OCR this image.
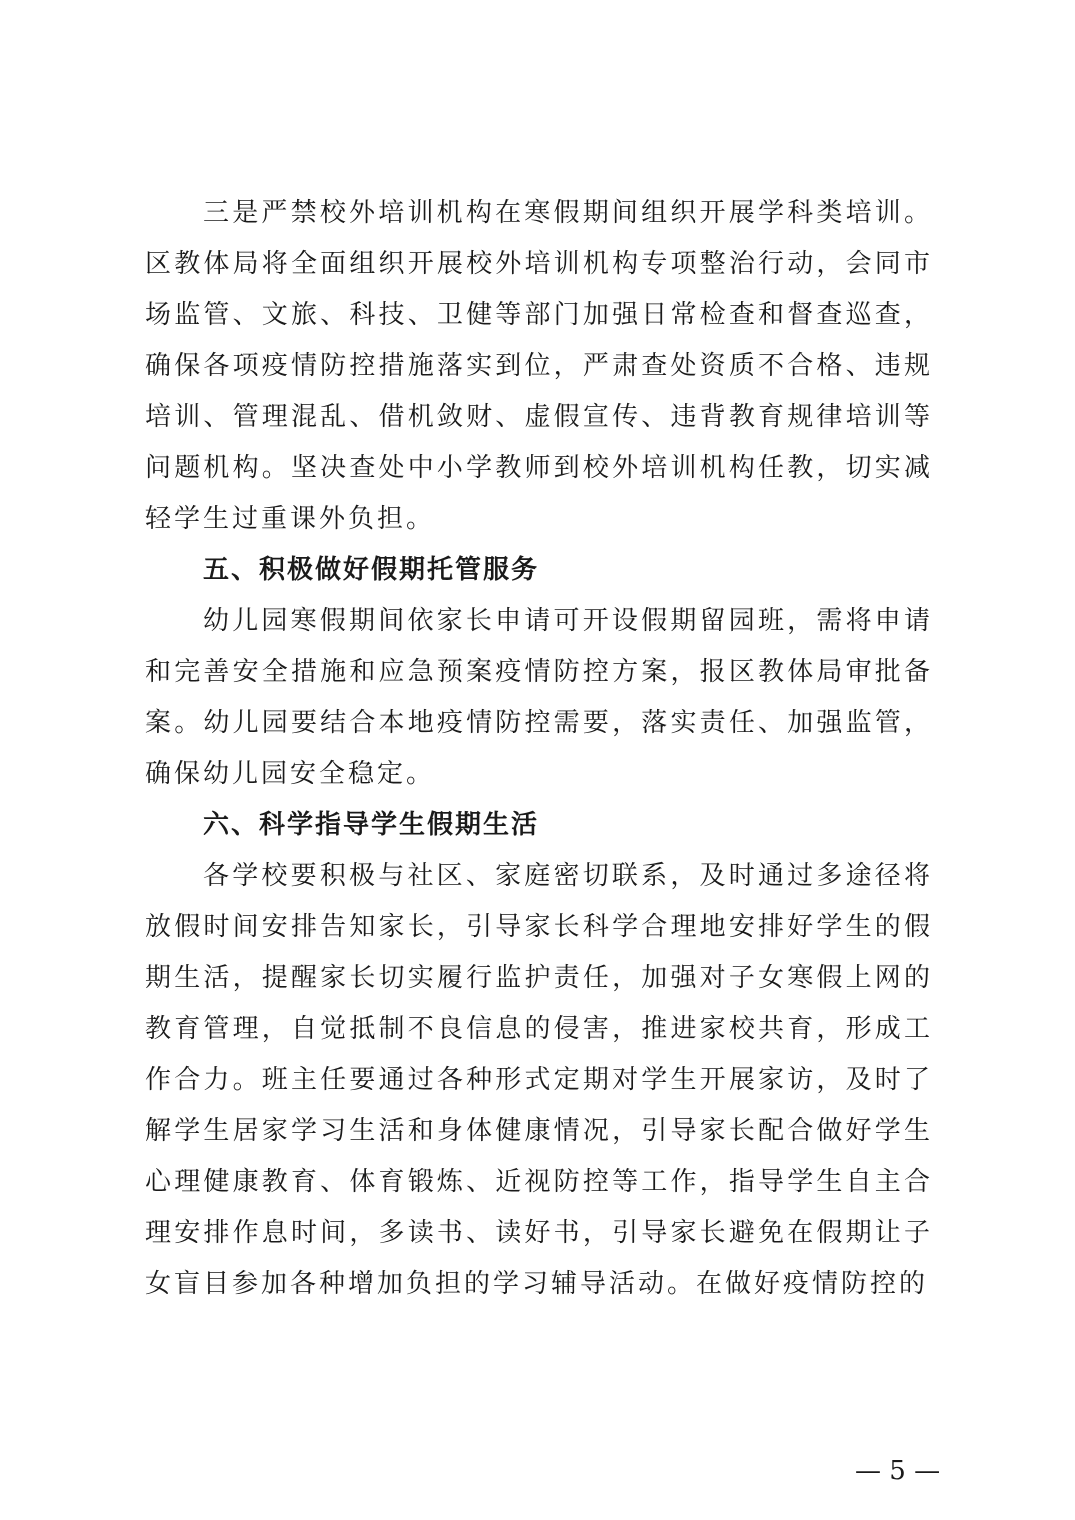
三是严禁校外培训机构在寒假期间组织开展学科类培训。区教体局将全面组织开展校外培训机构专项整治行动，会同市场监管、文旅、科技、卫健等部门加强日常检查和督查巡查，确保各项疫情防控措施落实到位，严肃查处资质不合格、违规培训、管理混乱、借机敛财、虚假宣传、违背教育规律培训等问题机构。坚决查处中小学教师到校外培训机构任教，切实减轻学生过重课外负担。

五、积极做好假期托管服务

幼儿园寒假期间依家长申请可开设假期留园班，需将申请和完善安全措施和应急预案疫情防控方案，报区教体局审批备案。幼儿园要结合本地疫情防控需要，落实责任、加强监管，确保幼儿园安全稳定。

六、科学指导学生假期生活

各学校要积极与社区、家庭密切联系，及时通过多途径将放假时间安排告知家长，引导家长科学合理地安排好学生的假期生活，提醒家长切实履行监护责任，加强对子女寒假上网的教育管理，自觉抵制不良信息的侵害，推进家校共育，形成工作合力。班主任要通过各种形式定期对学生开展家访，及时了解学生居家学习生活和身体健康情况，引导家长配合做好学生心理健康教育、体育锻炼、近视防控等工作，指导学生自主合理安排作息时间，多读书、读好书，引导家长避免在假期让子女盲目参加各种增加负担的学习辅导活动。在做好疫情防控的

— 5 —
